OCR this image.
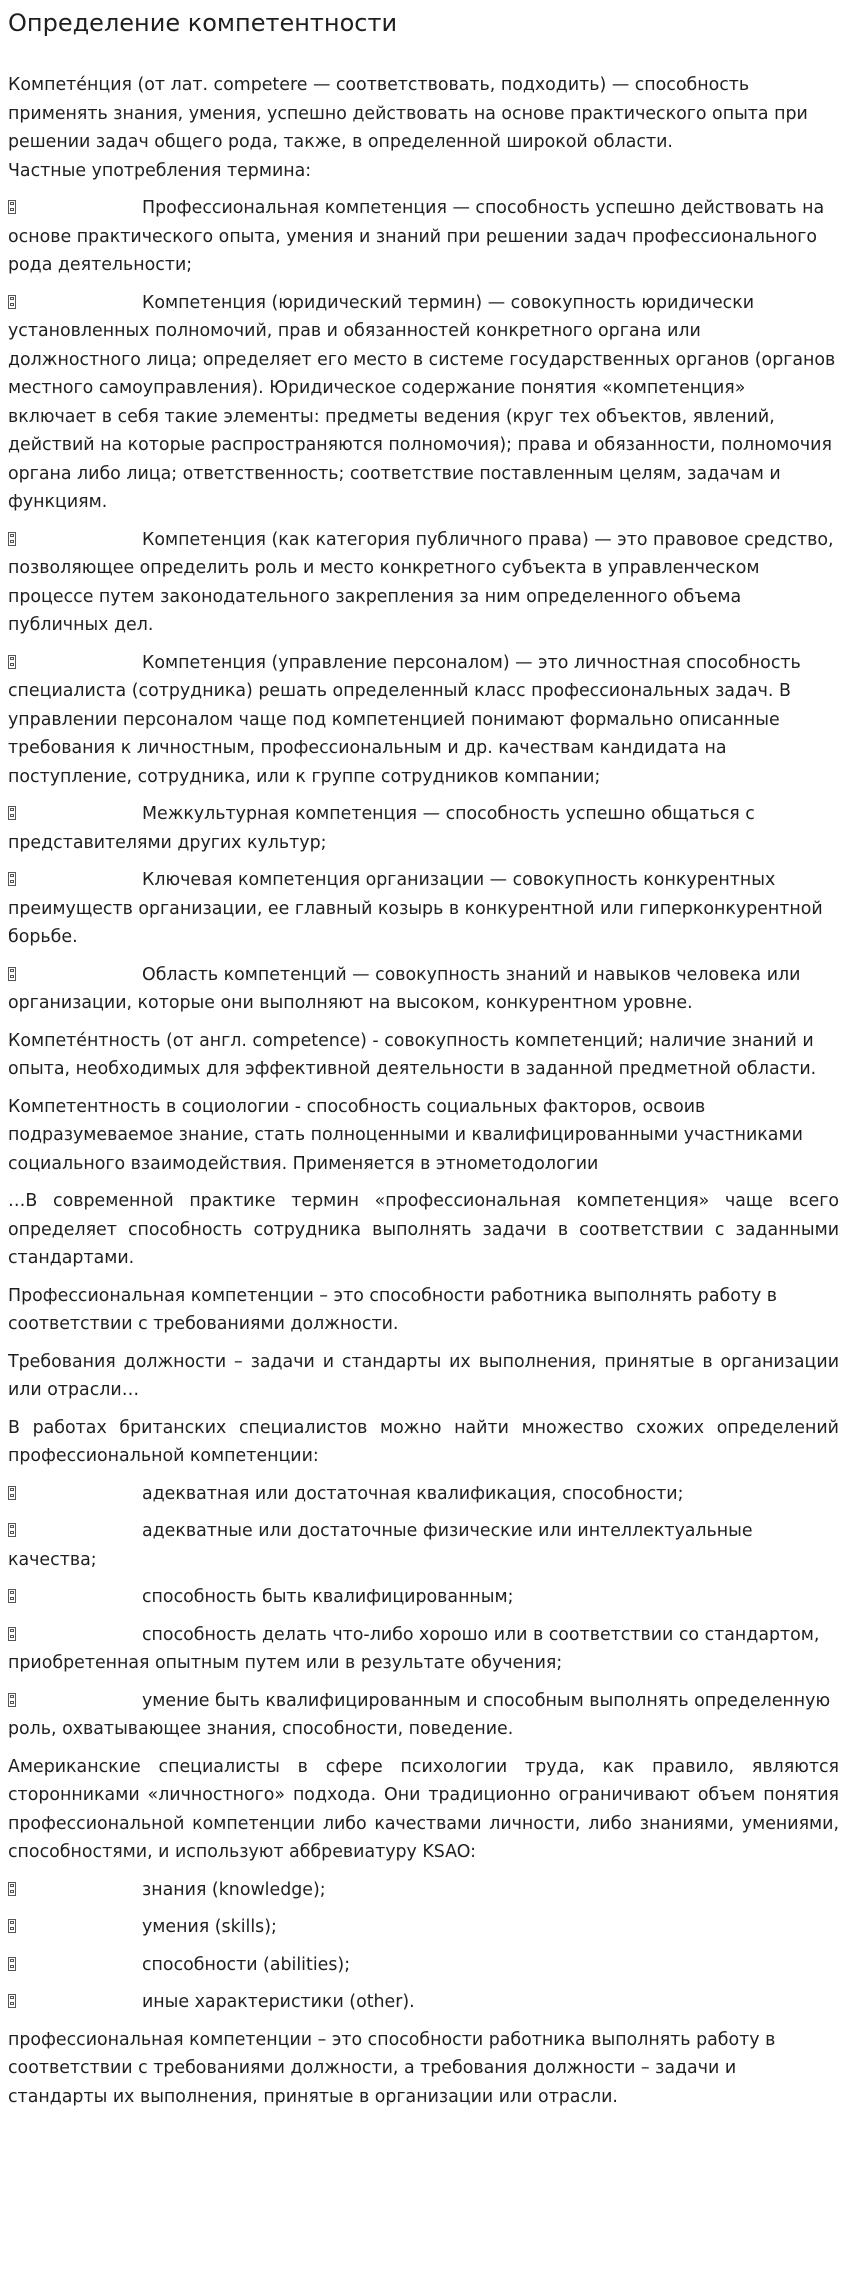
Определение компетентности

Компете́нция (от лат. competere — соответствовать, подходить) — способность применять знания, умения, успешно действовать на основе практического опыта при решении задач общего рода, также, в определенной широкой области.

Частные употребления термина:

Профессиональная компетенция — способность успешно действовать на основе практического опыта, умения и знаний при решении задач профессионального рода деятельности;
Компетенция (юридический термин) — совокупность юридически установленных полномочий, прав и обязанностей конкретного органа или должностного лица; определяет его место в системе государственных органов (органов местного самоуправления). Юридическое содержание понятия «компетенция» включает в себя такие элементы: предметы ведения (круг тех объектов, явлений, действий на которые распространяются полномочия); права и обязанности, полномочия органа либо лица; ответственность; соответствие поставленным целям, задачам и функциям.
Компетенция (как категория публичного права) — это правовое средство, позволяющее определить роль и место конкретного субъекта в управленческом процессе путем законодательного закрепления за ним определенного объема публичных дел.
Компетенция (управление персоналом) — это личностная способность специалиста (сотрудника) решать определенный класс профессиональных задач. В управлении персоналом чаще под компетенцией понимают формально описанные требования к личностным, профессиональным и др. качествам кандидата на поступление, сотрудника, или к группе сотрудников компании;
Межкультурная компетенция — способность успешно общаться с представителями других культур;
Ключевая компетенция организации — совокупность конкурентных преимуществ организации, ее главный козырь в конкурентной или гиперконкурентной борьбе.
Область компетенций — совокупность знаний и навыков человека или организации, которые они выполняют на высоком, конкурентном уровне.

Компете́нтность (от англ. competence) - совокупность компетенций; наличие знаний и опыта, необходимых для эффективной деятельности в заданной предметной области.

Компетентность в социологии - способность социальных факторов, освоив подразумеваемое знание, стать полноценными и квалифицированными участниками социального взаимодействия. Применяется в этнометодологии

…В современной практике термин «профессиональная компетенция» чаще всего определяет способность сотрудника выполнять задачи в соответствии с заданными стандартами.

Профессиональная компетенции – это способности работника выполнять работу в соответствии с требованиями должности.

Требования должности – задачи и стандарты их выполнения, принятые в организации или отрасли…

В работах британских специалистов можно найти множество схожих определений профессиональной компетенции:

адекватная или достаточная квалификация, способности;
адекватные или достаточные физические или интеллектуальные качества;
способность быть квалифицированным;
способность делать что-либо хорошо или в соответствии со стандартом, приобретенная опытным путем или в результате обучения;
умение быть квалифицированным и способным выполнять определенную роль, охватывающее знания, способности, поведение.

Американские специалисты в сфере психологии труда, как правило, являются сторонниками «личностного» подхода. Они традиционно ограничивают объем понятия профессиональной компетенции либо качествами личности, либо знаниями, умениями, способностями, и используют аббревиатуру KSAO:

знания (knowledge);
умения (skills);
способности (abilities);
иные характеристики (other).

профессиональная компетенции – это способности работника выполнять работу в соответствии с требованиями должности, а требования должности – задачи и стандарты их выполнения, принятые в организации или отрасли.
